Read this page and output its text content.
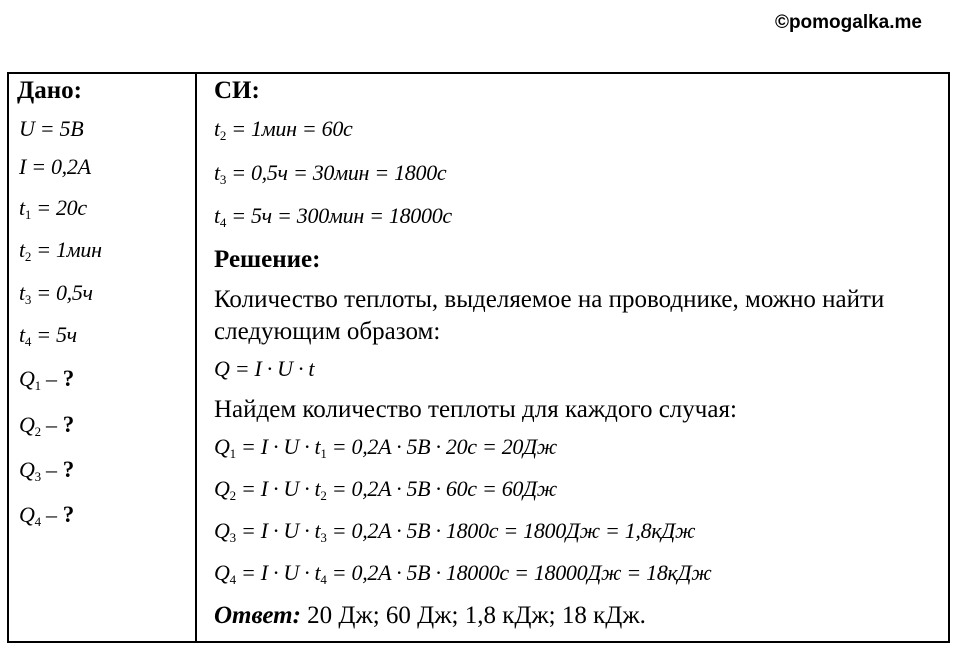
©pomogalka.me
Дано:
U = 5B
I = 0,2A
$t_1 = 20c$
$t_2 = 1мин$
$t_3 = 0,5ч$
$t_4 = 5ч$
$Q_1$ – ?
$Q_2$ – ?
$Q_3$ – ?
$Q_4$ – ?
СИ:
$t_2 = 1мин = 60c$
$t_3 = 0,5ч = 30мин = 1800c$
$t_4 = 5ч = 300мин = 18000c$
Решение:
Количество теплоты, выделяемое на проводнике, можно найти
следующим образом:
Q = I · U · t
Найдем количество теплоты для каждого случая:
$Q_1 = I \cdot U \cdot t_1 = 0,2A \cdot 5B \cdot 20c = 20Дж$
$Q_2 = I \cdot U \cdot t_2 = 0,2A \cdot 5B \cdot 60c = 60Дж$
$Q_3 = I \cdot U \cdot t_3 = 0,2A \cdot 5B \cdot 1800c = 1800Дж = 1,8кДж$
$Q_4 = I \cdot U \cdot t_4 = 0,2A \cdot 5B \cdot 18000c = 18000Дж = 18кДж$
Ответ: 20 Дж; 60 Дж; 1,8 кДж; 18 кДж.
